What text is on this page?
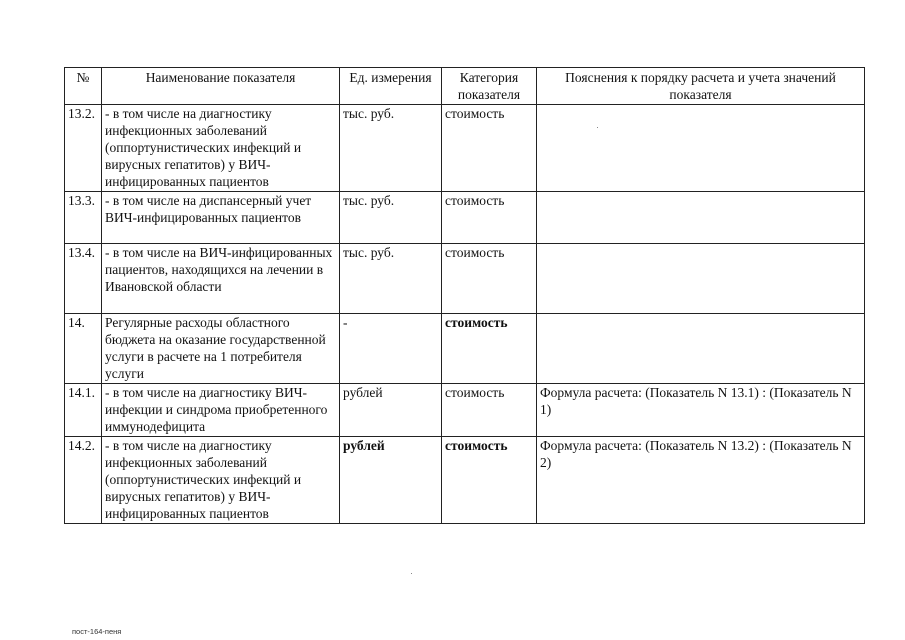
№	Наименование показателя	Ед. измерения	Категория показателя	Пояснения к порядку расчета и учета значений показателя
13.2.	- в том числе на диагностику инфекционных заболеваний (оппортунистических инфекций и вирусных гепатитов) у ВИЧ-инфицированных пациентов	тыс. руб.	стоимость	
13.3.	- в том числе на диспансерный учет ВИЧ-инфицированных пациентов	тыс. руб.	стоимость	
13.4.	- в том числе на ВИЧ-инфицированных пациентов, находящихся на лечении в Ивановской области	тыс. руб.	стоимость	
14.	Регулярные расходы областного бюджета на оказание государственной услуги в расчете на 1 потребителя услуги	-	стоимость	
14.1.	- в том числе на диагностику ВИЧ-инфекции и синдрома приобретенного иммунодефицита	рублей	стоимость	Формула расчета: (Показатель N 13.1) : (Показатель N 1)
14.2.	- в том числе на диагностику инфекционных заболеваний (оппортунистических инфекций и вирусных гепатитов) у ВИЧ-инфицированных пациентов	рублей	стоимость	Формула расчета: (Показатель N 13.2) : (Показатель N 2)
пост-164-пеня
